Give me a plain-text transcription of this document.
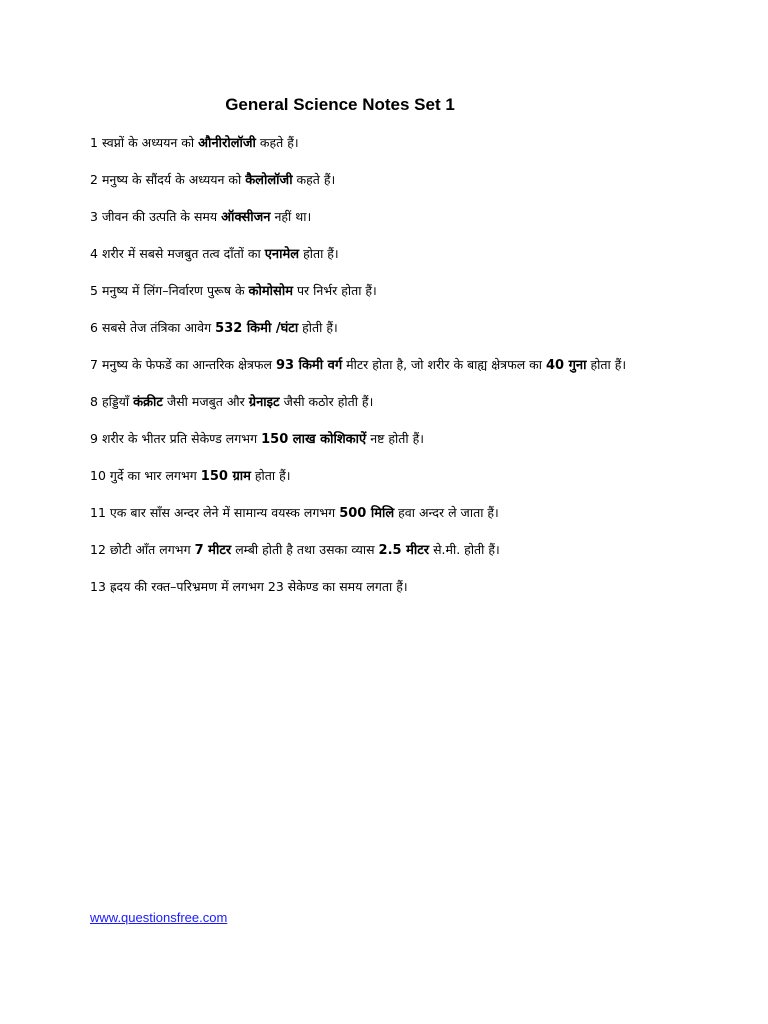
General Science Notes Set 1
1 स्वप्नों के अध्ययन को औनीरोलॉजी कहते हैं।
2 मनुष्य के सौंदर्य के अध्ययन को कैलोलॉजी कहते हैं।
3 जीवन की उत्पति के समय ऑक्सीजन नहीं था।
4 शरीर में सबसे मजबुत तत्व दॉंतों का एनामेल होता हैं।
5 मनुष्य में लिंग–निर्वारण पुरूष के कोमोसोम पर निर्भर होता हैं।
6 सबसे तेज तंत्रिका आवेग 532 किमी /घंटा होती हैं।
7 मनुष्य के फेफडें का आन्तरिक क्षेत्रफल 93 किमी वर्ग मीटर होता है, जो शरीर के बाह्य क्षेत्रफल का 40 गुना होता हैं।
8 हड्डियॉं कंक्रीट जैसी मजबुत और ग्रेनाइट जैसी कठोर होती हैं।
9 शरीर के भीतर प्रति सेकेण्ड लगभग 150 लाख कोशिकाऐं नष्ट होती हैं।
10 गुर्दे का भार लगभग 150 ग्राम होता हैं।
11 एक बार सॉंस अन्दर लेने में सामान्य वयस्क लगभग 500 मिलि हवा अन्दर ले जाता हैं।
12 छोटी ऑंत लगभग 7 मीटर लम्बी होती है तथा उसका व्यास 2.5 मीटर से.मी. होती हैं।
13 ह्रदय की रक्त–परिभ्रमण में लगभग 23 सेकेण्ड का समय लगता हैं।
www.questionsfree.com
